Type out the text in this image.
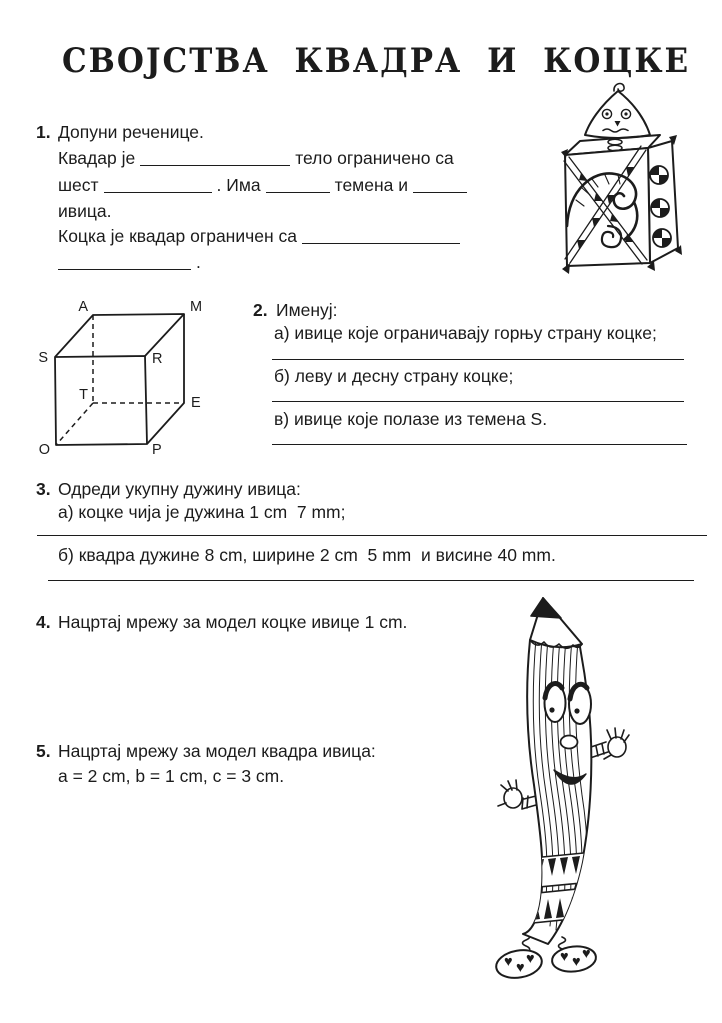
СВОЈСТВА КВАДРА И КОЦКЕ
1. Допуни реченице.
Квадар је	тело ограничено са
шест	. Има	темена и
ивица.
Коцка је квадар ограничен са
.
A	M
S	R
T	E
O	P
2. Именуј:
а) ивице које ограничавају горњу страну коцке;
б) леву и десну страну коцке;
в) ивице које полазе из темена S.
3. Одреди укупну дужину ивица:
а) коцке чија је дужина 1 cm  7 mm;
б) квадра дужине 8 cm, ширине 2 cm  5 mm  и висине 40 mm.
4. Нацртај мрежу за модел коцке ивице 1 cm.
5. Нацртај мрежу за модел квадра ивица:
a = 2 cm, b = 1 cm, c = 3 cm.
♥ ♥
♥ ♥ ♥ ♥
